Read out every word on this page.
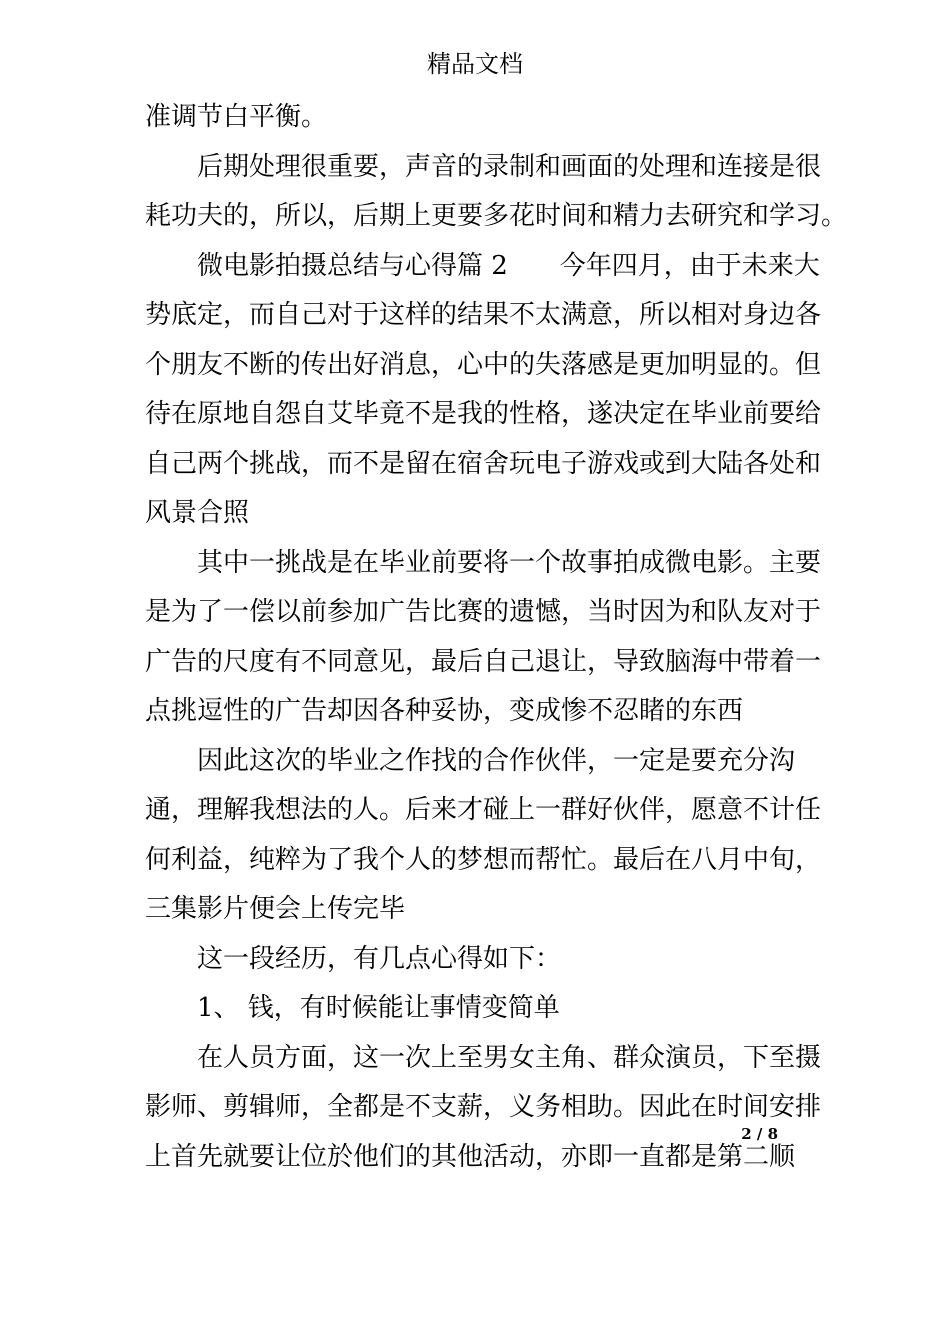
精品文档
准调节白平衡。
后期处理很重要，声音的录制和画面的处理和连接是很
耗功夫的，所以，后期上更要多花时间和精力去研究和学习。
微电影拍摄总结与心得篇 2　　今年四月，由于未来大
势底定，而自己对于这样的结果不太满意，所以相对身边各
个朋友不断的传出好消息，心中的失落感是更加明显的。但
待在原地自怨自艾毕竟不是我的性格，遂决定在毕业前要给
自己两个挑战，而不是留在宿舍玩电子游戏或到大陆各处和
风景合照
其中一挑战是在毕业前要将一个故事拍成微电影。主要
是为了一偿以前参加广告比赛的遗憾，当时因为和队友对于
广告的尺度有不同意见，最后自己退让，导致脑海中带着一
点挑逗性的广告却因各种妥协，变成惨不忍睹的东西
因此这次的毕业之作找的合作伙伴，一定是要充分沟
通，理解我想法的人。后来才碰上一群好伙伴，愿意不计任
何利益，纯粹为了我个人的梦想而帮忙。最后在八月中旬，
三集影片便会上传完毕
这一段经历，有几点心得如下：
1、 钱，有时候能让事情变简单
在人员方面，这一次上至男女主角、群众演员，下至摄
影师、剪辑师，全都是不支薪，义务相助。因此在时间安排
上首先就要让位於他们的其他活动，亦即一直都是第二顺
2 / 8
